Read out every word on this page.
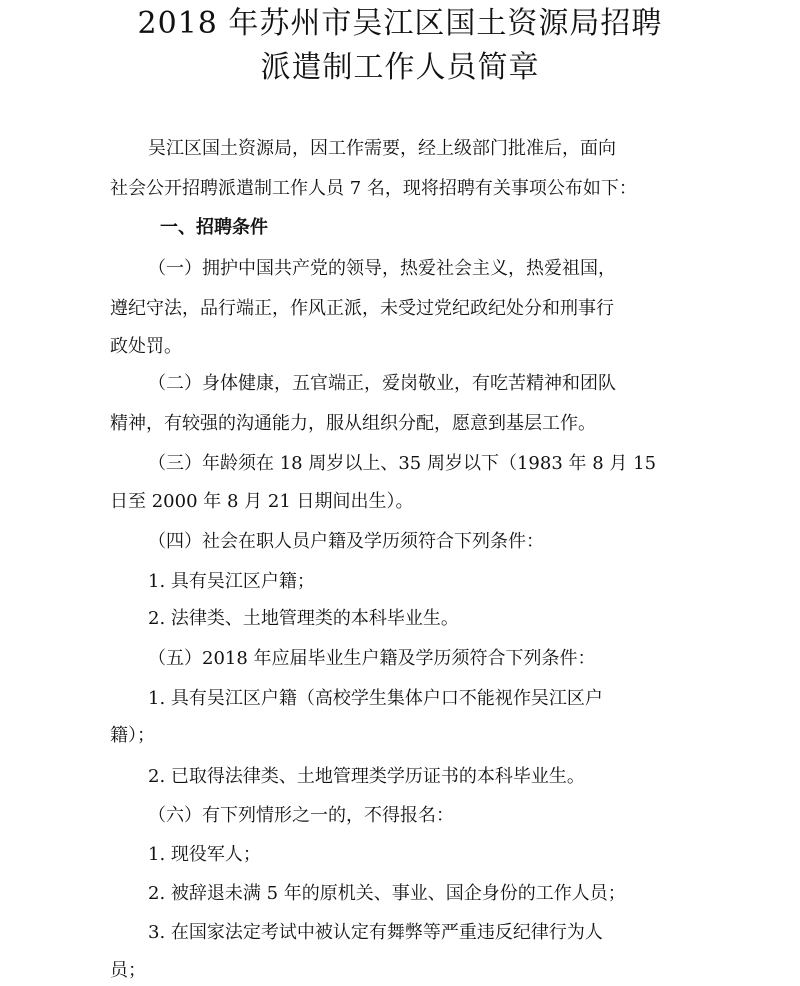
2018 年苏州市吴江区国土资源局招聘
派遣制工作人员简章
吴江区国土资源局，因工作需要，经上级部门批准后，面向
社会公开招聘派遣制工作人员 7 名，现将招聘有关事项公布如下：
一、招聘条件
（一）拥护中国共产党的领导，热爱社会主义，热爱祖国，
遵纪守法，品行端正，作风正派，未受过党纪政纪处分和刑事行
政处罚。
（二）身体健康，五官端正，爱岗敬业，有吃苦精神和团队
精神，有较强的沟通能力，服从组织分配，愿意到基层工作。
（三）年龄须在 18 周岁以上、35 周岁以下（1983 年 8 月 15
日至 2000 年 8 月 21 日期间出生）。
（四）社会在职人员户籍及学历须符合下列条件：
1. 具有吴江区户籍；
2. 法律类、土地管理类的本科毕业生。
（五）2018 年应届毕业生户籍及学历须符合下列条件：
1. 具有吴江区户籍（高校学生集体户口不能视作吴江区户
籍）；
2. 已取得法律类、土地管理类学历证书的本科毕业生。
（六）有下列情形之一的，不得报名：
1. 现役军人；
2. 被辞退未满 5 年的原机关、事业、国企身份的工作人员；
3. 在国家法定考试中被认定有舞弊等严重违反纪律行为人
员；
